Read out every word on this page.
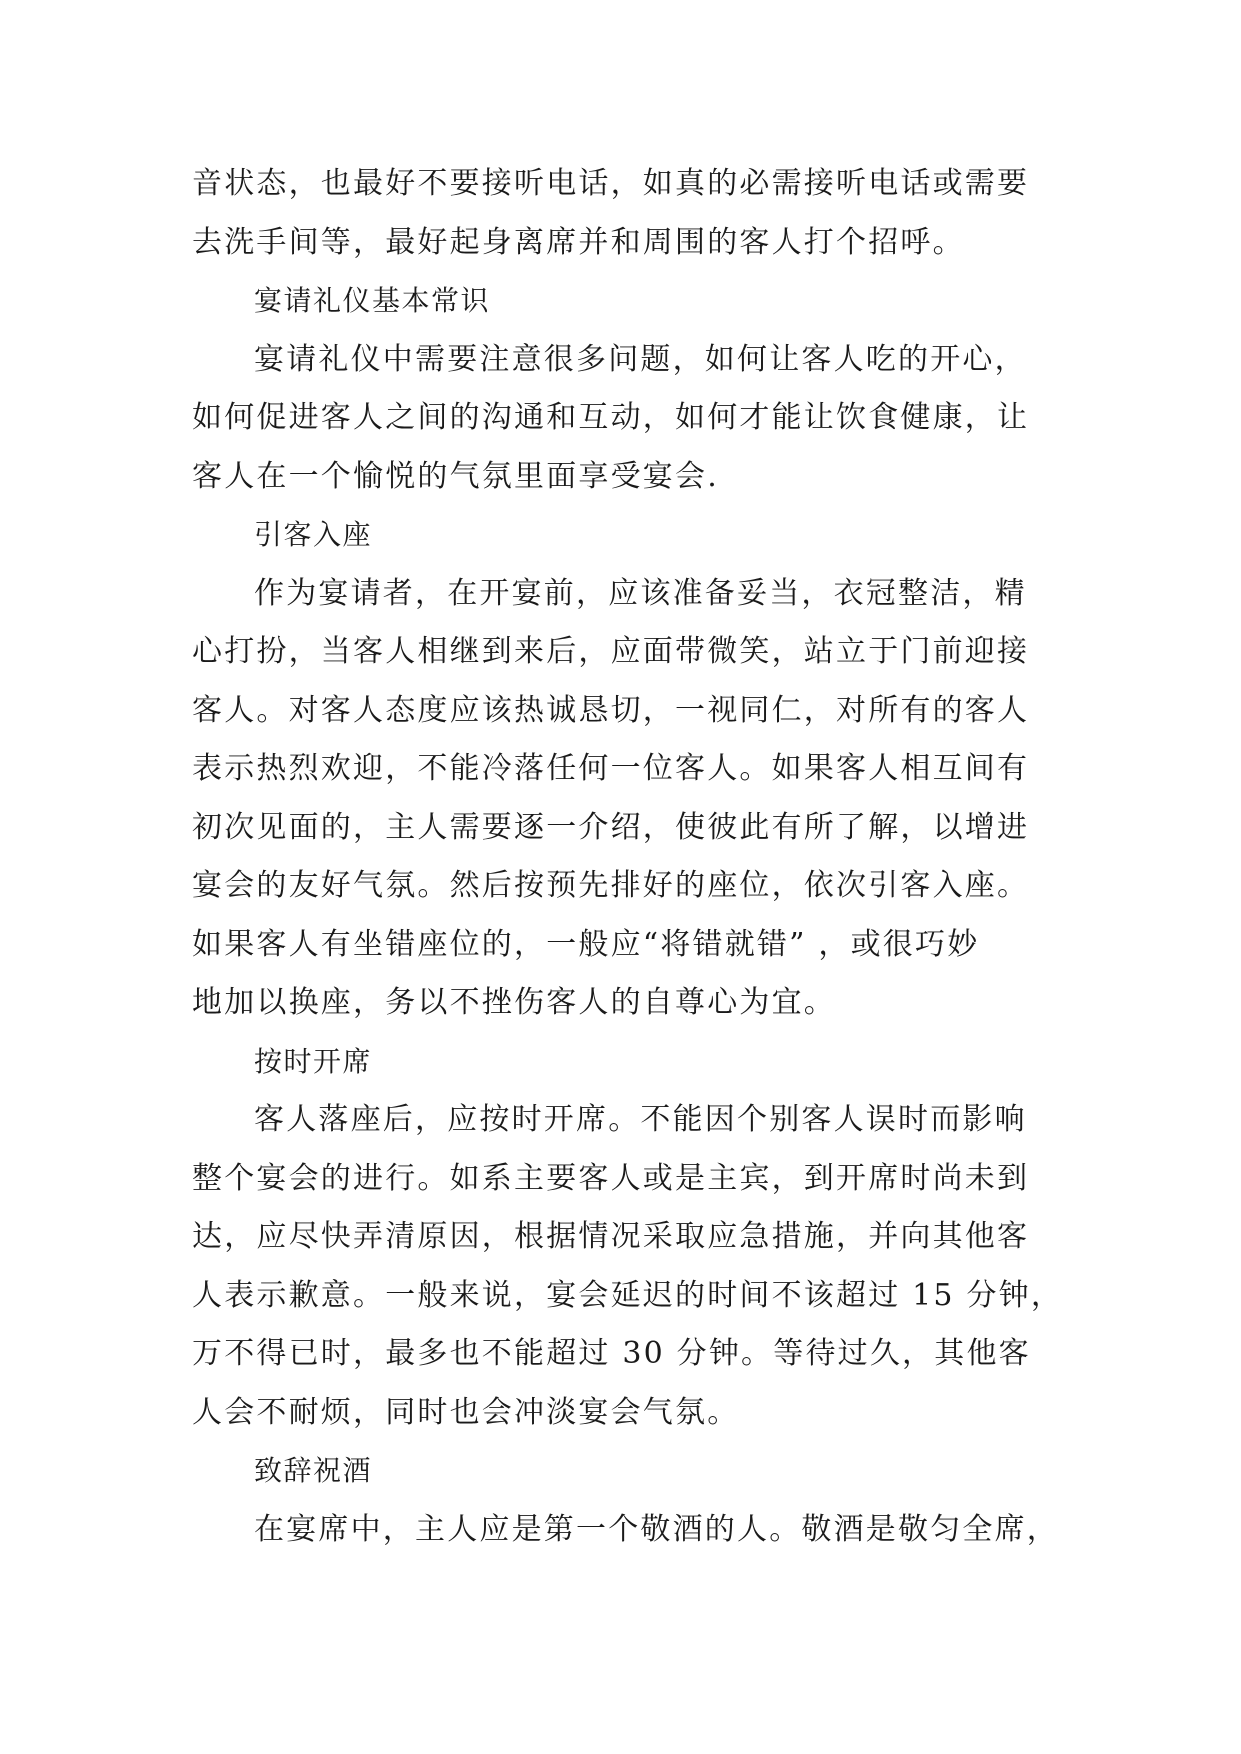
音状态，也最好不要接听电话，如真的必需接听电话或需要
去洗手间等，最好起身离席并和周围的客人打个招呼。
宴请礼仪基本常识
宴请礼仪中需要注意很多问题，如何让客人吃的开心，
如何促进客人之间的沟通和互动，如何才能让饮食健康，让
客人在一个愉悦的气氛里面享受宴会.
引客入座
作为宴请者，在开宴前，应该准备妥当，衣冠整洁，精
心打扮，当客人相继到来后，应面带微笑，站立于门前迎接
客人。对客人态度应该热诚恳切，一视同仁，对所有的客人
表示热烈欢迎，不能冷落任何一位客人。如果客人相互间有
初次见面的，主人需要逐一介绍，使彼此有所了解，以增进
宴会的友好气氛。然后按预先排好的座位，依次引客入座。
如果客人有坐错座位的，一般应“将错就错” ，或很巧妙
地加以换座，务以不挫伤客人的自尊心为宜。
按时开席
客人落座后，应按时开席。不能因个别客人误时而影响
整个宴会的进行。如系主要客人或是主宾，到开席时尚未到
达，应尽快弄清原因，根据情况采取应急措施，并向其他客
人表示歉意。一般来说，宴会延迟的时间不该超过 15 分钟，
万不得已时，最多也不能超过 30 分钟。等待过久，其他客
人会不耐烦，同时也会冲淡宴会气氛。
致辞祝酒
在宴席中，主人应是第一个敬酒的人。敬酒是敬匀全席，
